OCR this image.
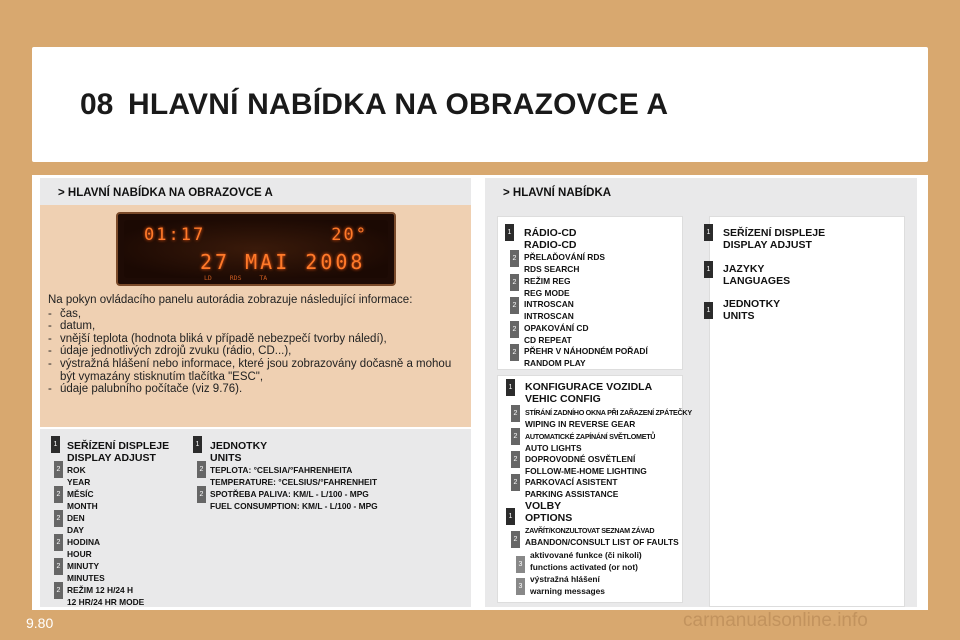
08 HLAVNÍ NABÍDKA NA OBRAZOVCE A
> HLAVNÍ NABÍDKA NA OBRAZOVCE A
01:17	20°
27 MAI 2008
LD RDS TA
Na pokyn ovládacího panelu autorádia zobrazuje následující informace:
- čas,
- datum,
- vnější teplota (hodnota bliká v případě nebezpečí tvorby náledí),
- údaje jednotlivých zdrojů zvuku (rádio, CD...),
- výstražná hlášení nebo informace, které jsou zobrazovány dočasně a mohou být vymazány stisknutím tlačítka "ESC",
- údaje palubního počítače (viz 9.76).
1 SEŘÍZENÍ DISPLEJE
DISPLAY ADJUST
2 ROK
YEAR
2 MĚSÍC
MONTH
2 DEN
DAY
2 HODINA
HOUR
2 MINUTY
MINUTES
2 REŽIM 12 H/24 H
12 HR/24 HR MODE
1 JEDNOTKY
UNITS
2 TEPLOTA: °CELSIA/°FAHRENHEITA
TEMPERATURE: °CELSIUS/°FAHRENHEIT
2 SPOTŘEBA PALIVA: KM/L - L/100 - MPG
FUEL CONSUMPTION: KM/L - L/100 - MPG
> HLAVNÍ NABÍDKA
1 RÁDIO-CD
RADIO-CD
2 PŘELAĎOVÁNÍ RDS
RDS SEARCH
2 REŽIM REG
REG MODE
2 INTROSCAN
INTROSCAN
2 OPAKOVÁNÍ CD
CD REPEAT
2 PŘEHR V NÁHODNÉM POŘADÍ
RANDOM PLAY
1 SEŘÍZENÍ DISPLEJE
DISPLAY ADJUST
1 JAZYKY
LANGUAGES
1
JEDNOTKY
UNITS
1 KONFIGURACE VOZIDLA
VEHIC CONFIG
2	STÍRÁNÍ ZADNÍHO OKNA PŘI ZAŘAZENÍ ZPÁTEČKY
WIPING IN REVERSE GEAR
2	AUTOMATICKÉ ZAPÍNÁNÍ SVĚTLOMETŮ
AUTO LIGHTS
2 DOPROVODNÉ OSVĚTLENÍ
FOLLOW-ME-HOME LIGHTING
2 PARKOVACÍ ASISTENT
PARKING ASSISTANCE
1
VOLBY
OPTIONS
2
ZAVŘÍT/KONZULTOVAT SEZNAM ZÁVAD
ABANDON/CONSULT LIST OF FAULTS
3
aktivované funkce (či nikoli)
functions activated (or not)
3
výstražná hlášení
warning messages
9.80	carmanualsonline.info
